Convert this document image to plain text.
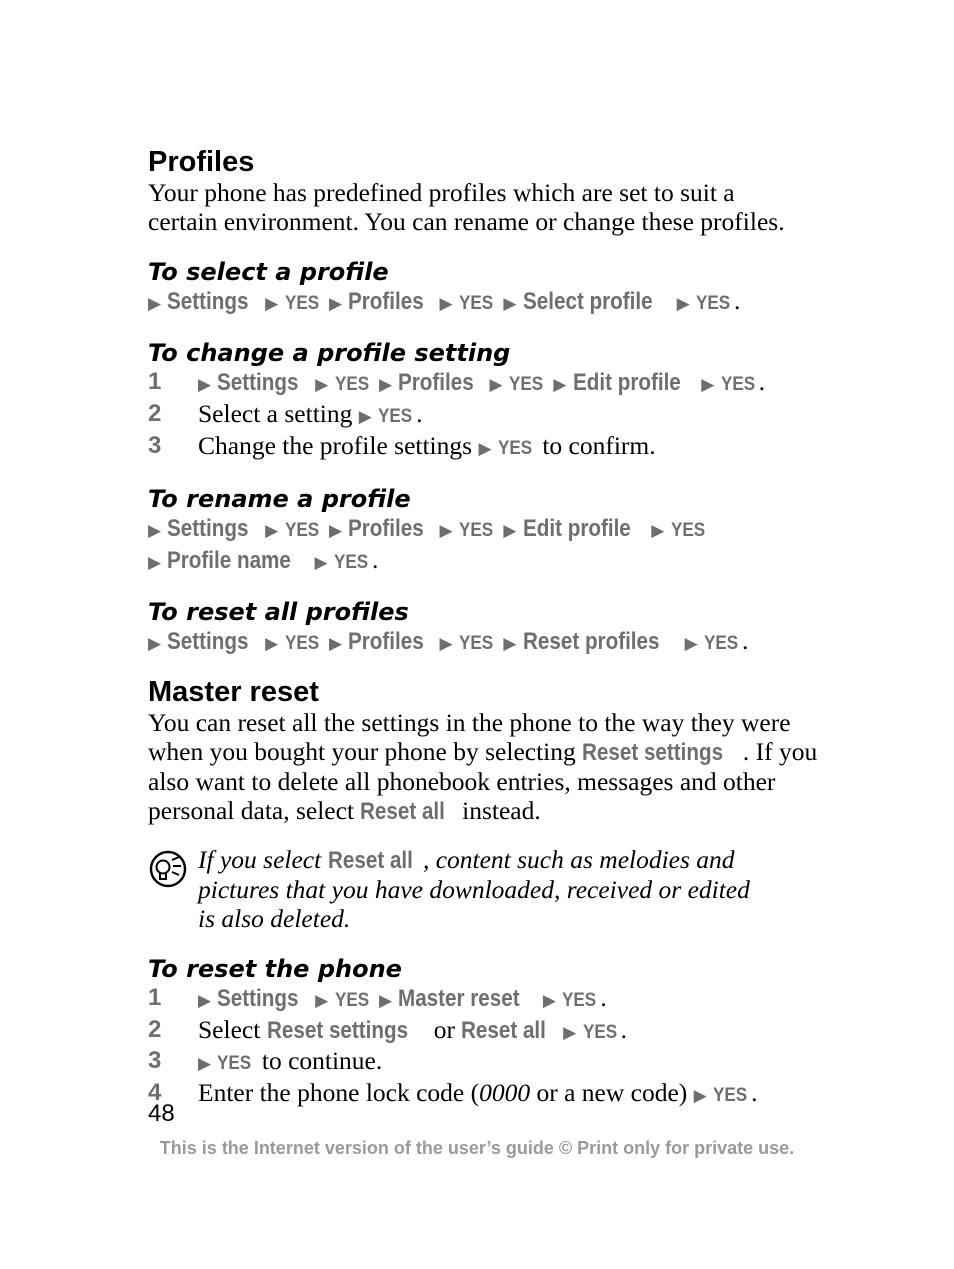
Profiles

Your phone has predefined profiles which are set to suit a
certain environment. You can rename or change these profiles.

To select a profile

▶ Settings ▶ YES ▶ Profiles ▶ YES ▶ Select profile ▶ YES .

To change a profile setting
1	▶ Settings ▶ YES ▶ Profiles ▶ YES ▶ Edit profile ▶ YES .
2	Select a setting ▶ YES .
3	Change the profile settings ▶ YES to confirm.
To rename a profile

▶ Settings ▶ YES ▶ Profiles ▶ YES ▶ Edit profile ▶ YES

▶ Profile name ▶ YES .

To reset all profiles

▶ Settings ▶ YES ▶ Profiles ▶ YES ▶ Reset profiles ▶ YES .

Master reset

You can reset all the settings in the phone to the way they were
when you bought your phone by selecting Reset settings . If you
also want to delete all phonebook entries, messages and other
personal data, select Reset all instead.

If you select Reset all , content such as melodies and
pictures that you have downloaded, received or edited
is also deleted.
To reset the phone
1	▶ Settings ▶ YES ▶ Master reset ▶ YES .
2	Select Reset settings or Reset all ▶ YES .
3	▶ YES to continue.
4	Enter the phone lock code (0000 or a new code) ▶ YES .
48
This is the Internet version of the user’s guide © Print only for private use.
